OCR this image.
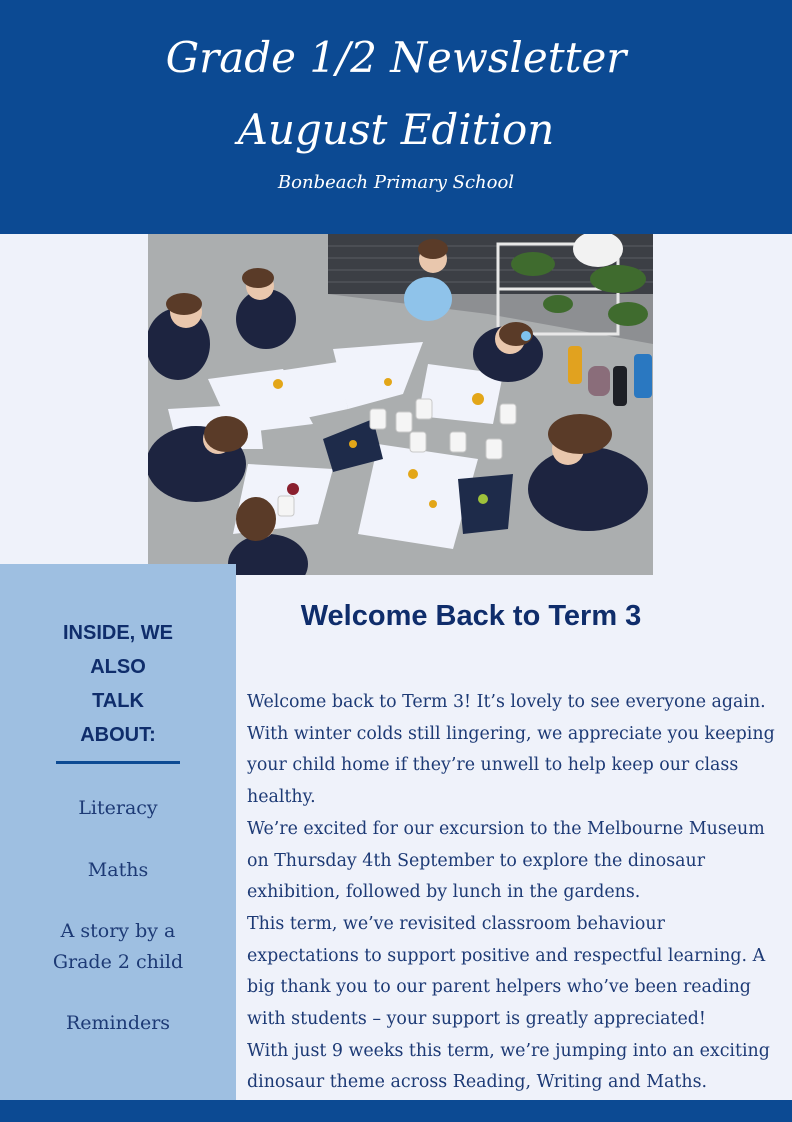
Grade 1/2 Newsletter
August Edition
Bonbeach Primary School
INSIDE, WE
ALSO
TALK
ABOUT:
Literacy
Maths
A story by a
Grade 2 child
Reminders
Welcome Back to Term 3

Welcome back to Term 3! It’s lovely to see everyone again. With winter colds still lingering, we appreciate you keeping your child home if they’re unwell to help keep our class healthy.

We’re excited for our excursion to the Melbourne Museum on Thursday 4th September to explore the dinosaur exhibition, followed by lunch in the gardens.

This term, we’ve revisited classroom behaviour expectations to support positive and respectful learning. A big thank you to our parent helpers who’ve been reading with students – your support is greatly appreciated!

With just 9 weeks this term, we’re jumping into an exciting dinosaur theme across Reading, Writing and Maths.
